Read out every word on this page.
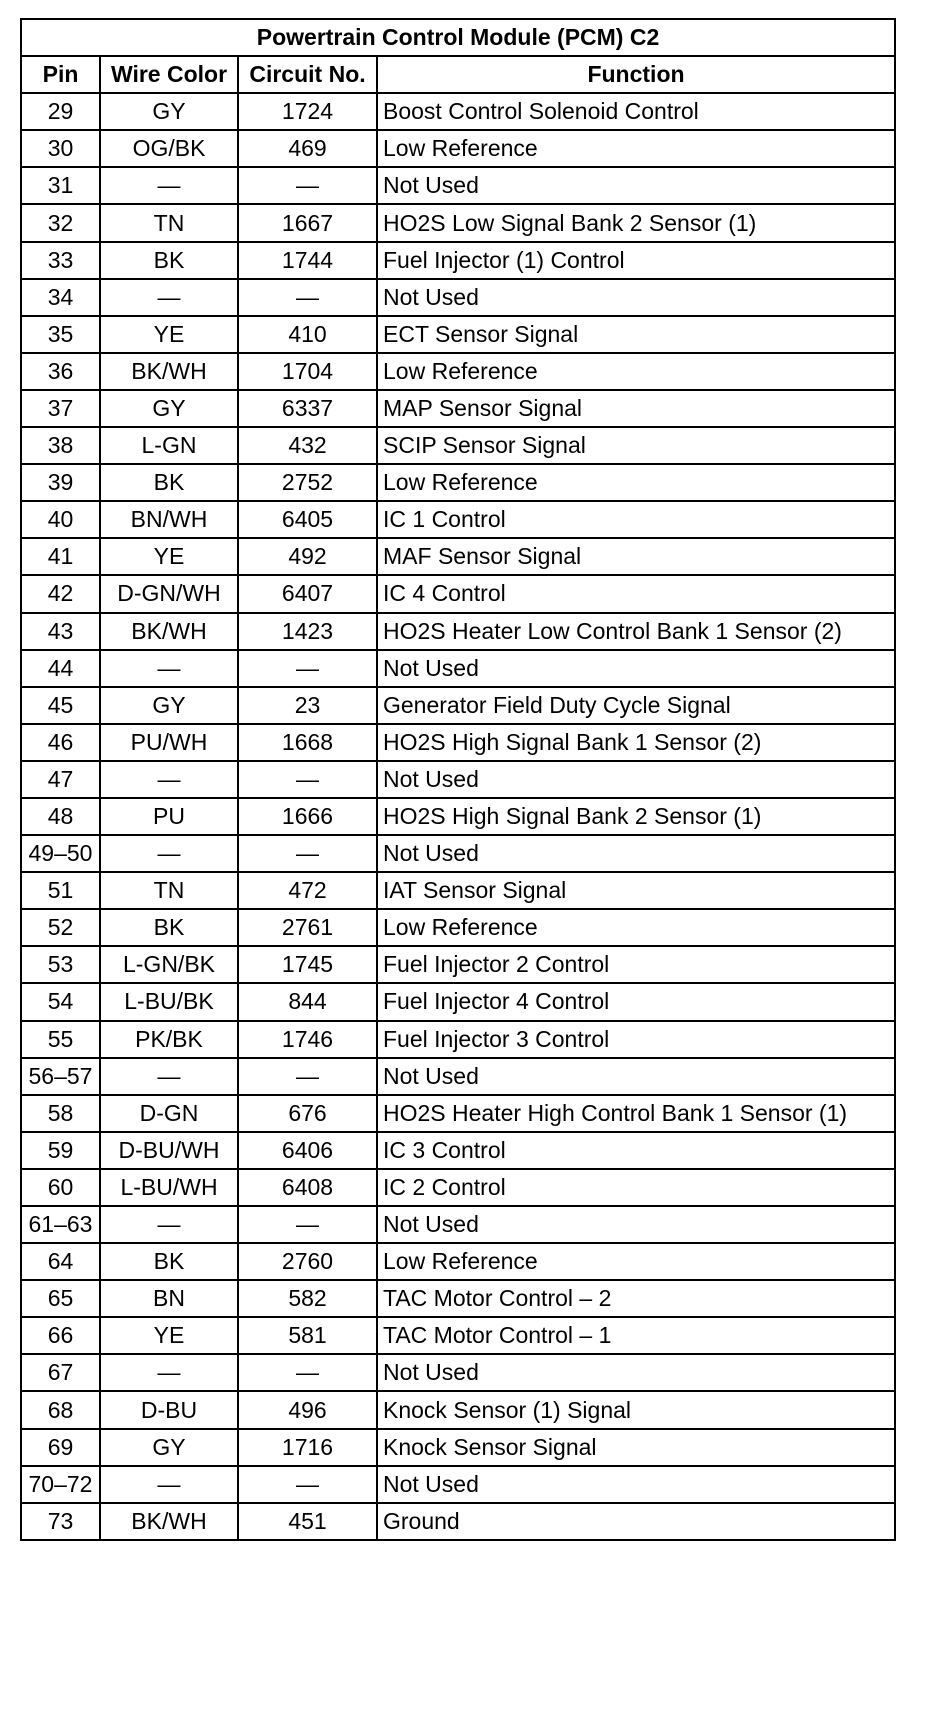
Powertrain Control Module (PCM) C2			
Pin	Wire Color	Circuit No.	Function
29	GY	1724	Boost Control Solenoid Control
30	OG/BK	469	Low Reference
31	—	—	Not Used
32	TN	1667	HO2S Low Signal Bank 2 Sensor (1)
33	BK	1744	Fuel Injector (1) Control
34	—	—	Not Used
35	YE	410	ECT Sensor Signal
36	BK/WH	1704	Low Reference
37	GY	6337	MAP Sensor Signal
38	L-GN	432	SCIP Sensor Signal
39	BK	2752	Low Reference
40	BN/WH	6405	IC 1 Control
41	YE	492	MAF Sensor Signal
42	D-GN/WH	6407	IC 4 Control
43	BK/WH	1423	HO2S Heater Low Control Bank 1 Sensor (2)
44	—	—	Not Used
45	GY	23	Generator Field Duty Cycle Signal
46	PU/WH	1668	HO2S High Signal Bank 1 Sensor (2)
47	—	—	Not Used
48	PU	1666	HO2S High Signal Bank 2 Sensor (1)
49–50	—	—	Not Used
51	TN	472	IAT Sensor Signal
52	BK	2761	Low Reference
53	L-GN/BK	1745	Fuel Injector 2 Control
54	L-BU/BK	844	Fuel Injector 4 Control
55	PK/BK	1746	Fuel Injector 3 Control
56–57	—	—	Not Used
58	D-GN	676	HO2S Heater High Control Bank 1 Sensor (1)
59	D-BU/WH	6406	IC 3 Control
60	L-BU/WH	6408	IC 2 Control
61–63	—	—	Not Used
64	BK	2760	Low Reference
65	BN	582	TAC Motor Control – 2
66	YE	581	TAC Motor Control – 1
67	—	—	Not Used
68	D-BU	496	Knock Sensor (1) Signal
69	GY	1716	Knock Sensor Signal
70–72	—	—	Not Used
73	BK/WH	451	Ground
